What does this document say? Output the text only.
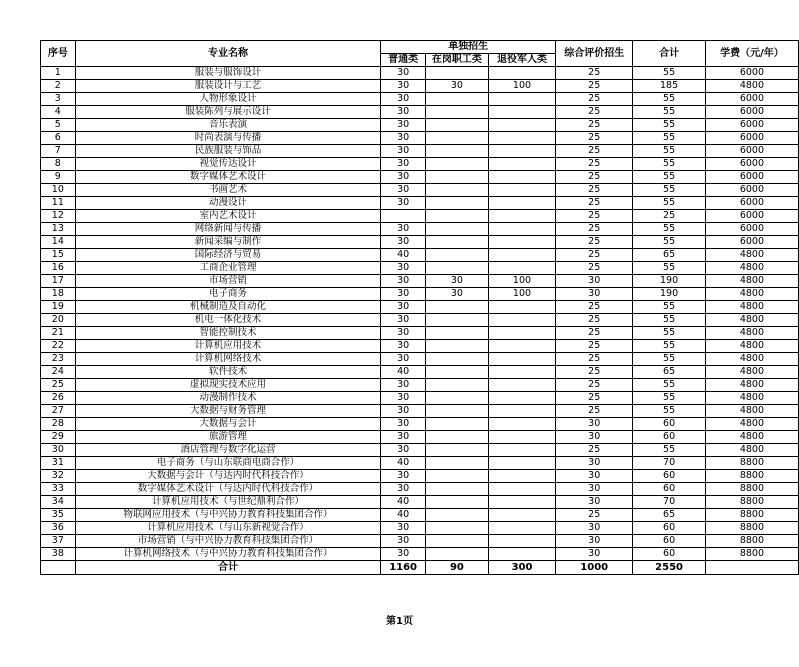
序号	专业名称	单独招生			综合评价招生	合计	学费（元/年）
		普通类	在岗职工类	退役军人类			
1	服装与服饰设计	30			25	55	6000
2	服装设计与工艺	30	30	100	25	185	4800
3	人物形象设计	30			25	55	6000
4	服装陈列与展示设计	30			25	55	6000
5	音乐表演	30			25	55	6000
6	时尚表演与传播	30			25	55	6000
7	民族服装与饰品	30			25	55	6000
8	视觉传达设计	30			25	55	6000
9	数字媒体艺术设计	30			25	55	6000
10	书画艺术	30			25	55	6000
11	动漫设计	30			25	55	6000
12	室内艺术设计				25	25	6000
13	网络新闻与传播	30			25	55	6000
14	新闻采编与制作	30			25	55	6000
15	国际经济与贸易	40			25	65	4800
16	工商企业管理	30			25	55	4800
17	市场营销	30	30	100	30	190	4800
18	电子商务	30	30	100	30	190	4800
19	机械制造及自动化	30			25	55	4800
20	机电一体化技术	30			25	55	4800
21	智能控制技术	30			25	55	4800
22	计算机应用技术	30			25	55	4800
23	计算机网络技术	30			25	55	4800
24	软件技术	40			25	65	4800
25	虚拟现实技术应用	30			25	55	4800
26	动漫制作技术	30			25	55	4800
27	大数据与财务管理	30			25	55	4800
28	大数据与会计	30			30	60	4800
29	旅游管理	30			30	60	4800
30	酒店管理与数字化运营	30			25	55	4800
31	电子商务（与山东联商电商合作）	40			30	70	8800
32	大数据与会计（与达内时代科技合作）	30			30	60	8800
33	数字媒体艺术设计（与达内时代科技合作）	30			30	60	8800
34	计算机应用技术（与世纪鼎利合作）	40			30	70	8800
35	物联网应用技术（与中兴协力教育科技集团合作）	40			25	65	8800
36	计算机应用技术（与山东新视觉合作）	30			30	60	8800
37	市场营销（与中兴协力教育科技集团合作）	30			30	60	8800
38	计算机网络技术（与中兴协力教育科技集团合作）	30			30	60	8800
	合计	1160	90	300	1000	2550	
第1页
